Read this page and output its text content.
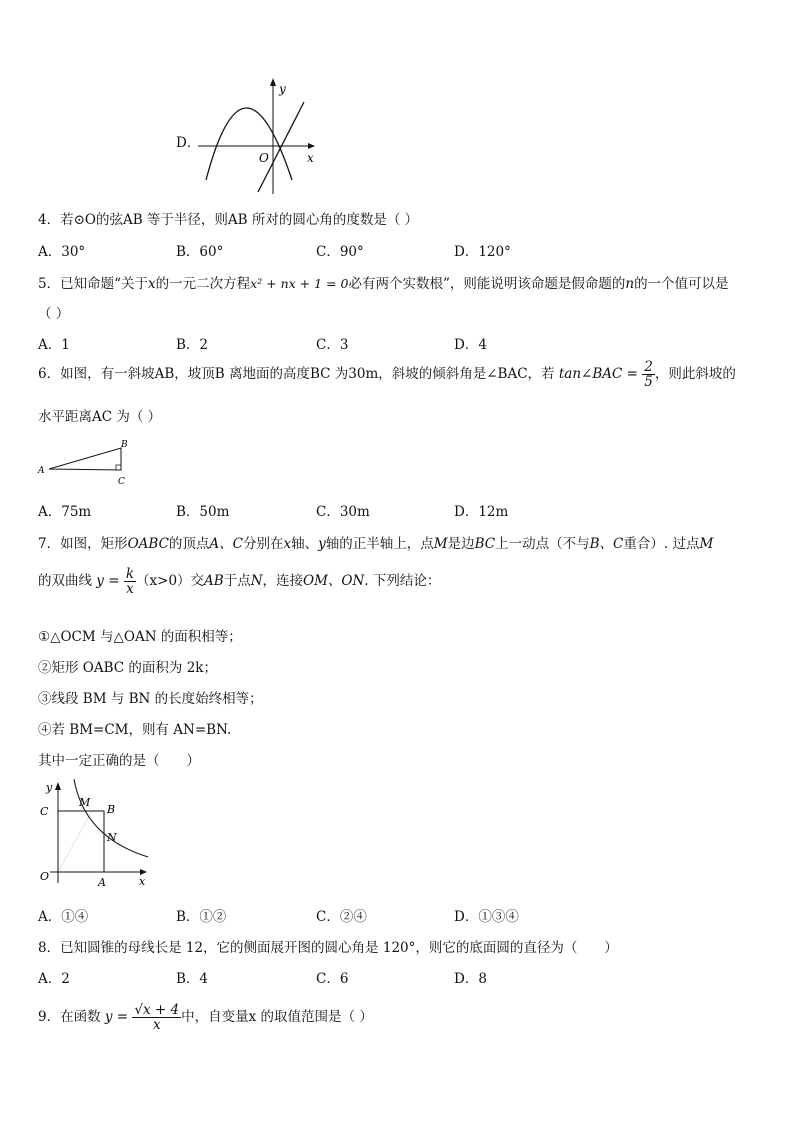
D．
y
x
O
4．若⊙O的弦AB 等于半径，则AB 所对的圆心角的度数是（ ）
A．30°	B．60°	C．90°	D．120°
5．已知命题“关于x的一元二次方程x² + nx + 1 = 0必有两个实数根”，则能说明该命题是假命题的n的一个值可以是
（ ）
A．1	B．2	C．3	D．4
6．如图，有一斜坡AB，坡顶B 离地面的高度BC 为30m，斜坡的倾斜角是∠BAC，若 tan∠BAC = $\frac{2}{5}$ ，则此斜坡的
水平距离AC 为（ ）
A
B
C
A．75m	B．50m	C．30m	D．12m
7．如图，矩形OABC的顶点A、C分别在x轴、y轴的正半轴上，点M是边BC上一动点（不与B、C重合）. 过点M
的双曲线 $y = \frac{k}{x} (x>0)$交AB于点N，连接OM、ON. 下列结论：
①△OCM 与△OAN 的面积相等；
②矩形 OABC 的面积为 2k；
③线段 BM 与 BN 的长度始终相等；
④若 BM=CM，则有 AN=BN.
其中一定正确的是（　　）
y
x
O	A
B
C
M
N
A．①④	B．①②	C．②④	D．①③④
8．已知圆锥的母线长是 12，它的侧面展开图的圆心角是 120°，则它的底面圆的直径为（　　）
A．2	B．4	C．6	D．8
9．在函数 $y = \frac{√x + 4}{x}$ 中，自变量x 的取值范围是（ ）
